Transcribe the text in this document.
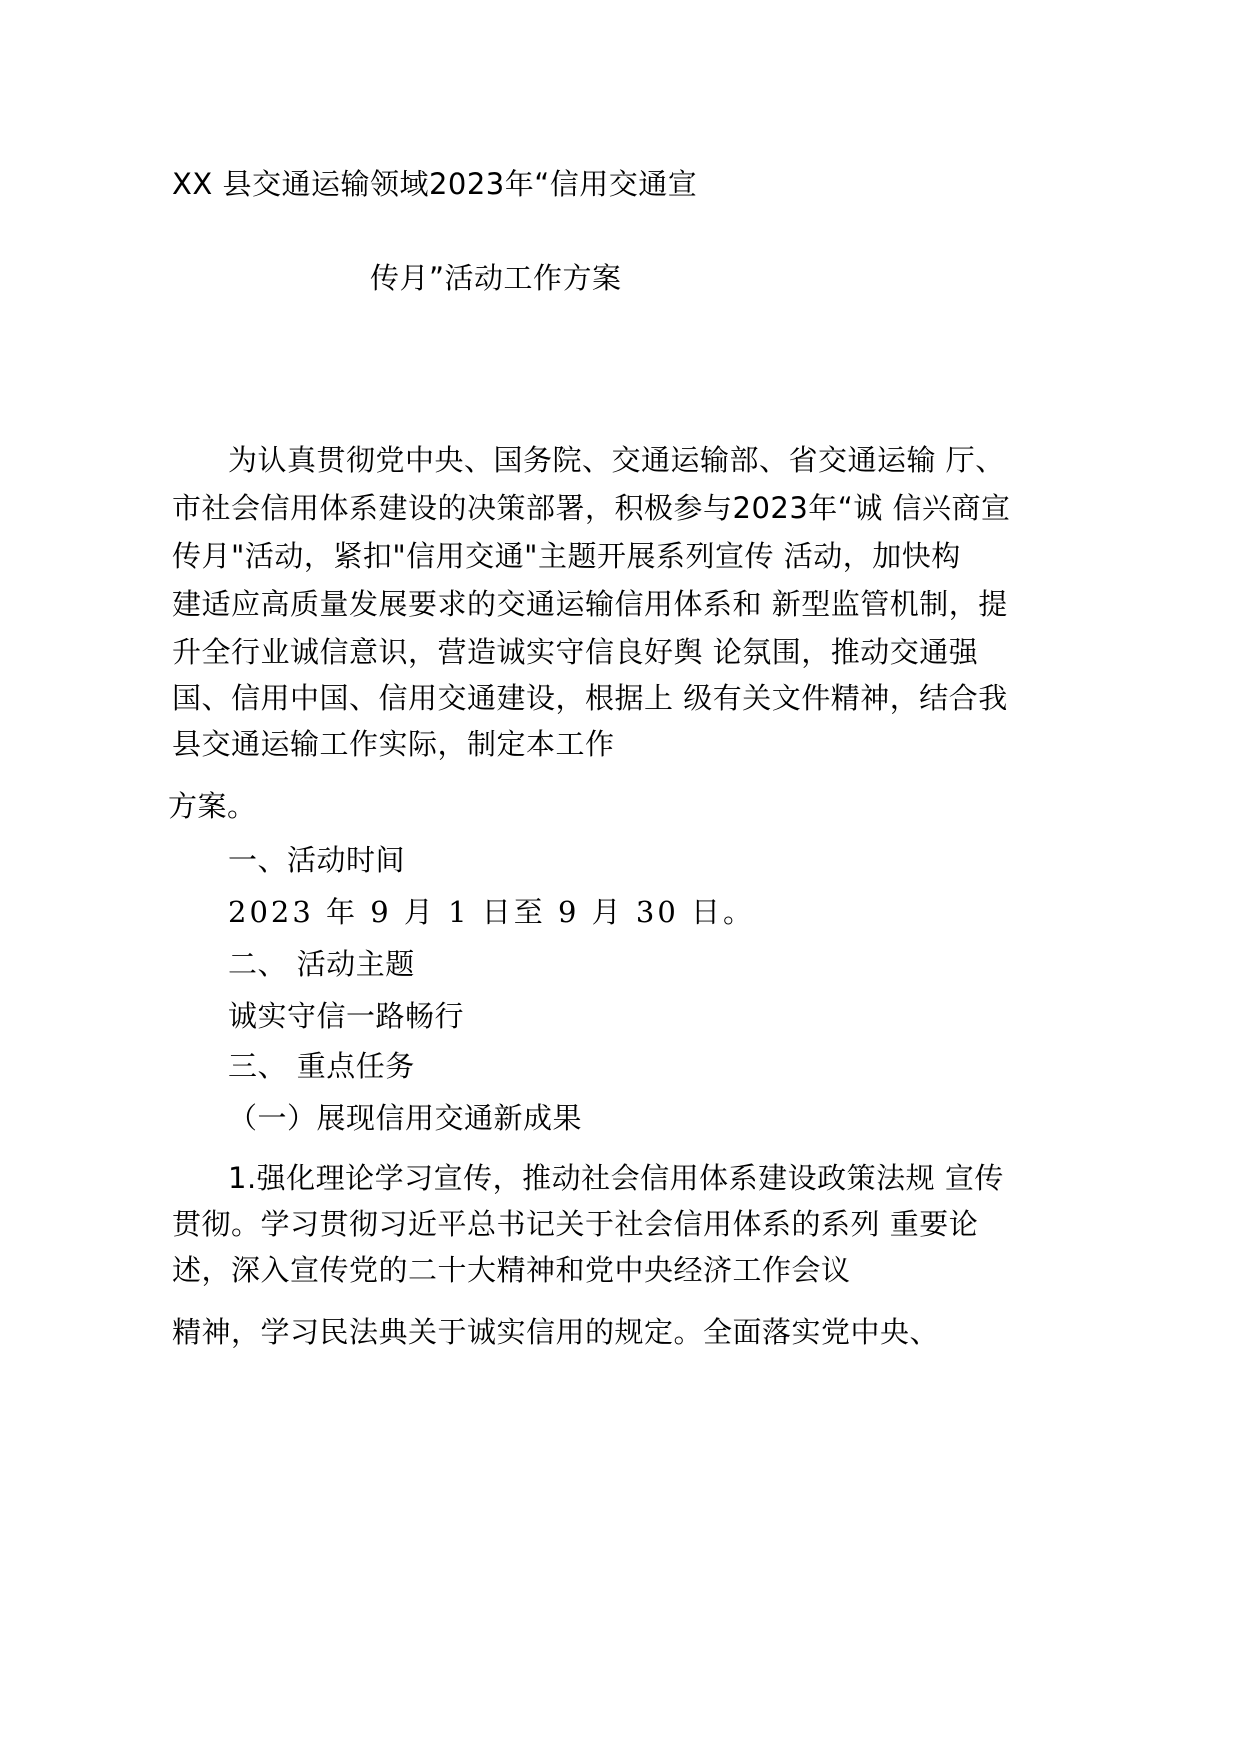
XX 县交通运输领域2023年“信用交通宣
传月”活动工作方案
为认真贯彻党中央、国务院、交通运输部、省交通运输 厅、
市社会信用体系建设的决策部署，积极参与2023年“诚 信兴商宣
传月"活动，紧扣"信用交通"主题开展系列宣传 活动，加快构
建适应高质量发展要求的交通运输信用体系和 新型监管机制，提
升全行业诚信意识，营造诚实守信良好舆 论氛围，推动交通强
国、信用中国、信用交通建设，根据上 级有关文件精神，结合我
县交通运输工作实际，制定本工作
方案。
一、活动时间
2023 年 9 月 1 日至 9 月 30 日。
二、 活动主题
诚实守信一路畅行
三、 重点任务
（一）展现信用交通新成果
1.强化理论学习宣传，推动社会信用体系建设政策法规 宣传
贯彻。学习贯彻习近平总书记关于社会信用体系的系列 重要论
述，深入宣传党的二十大精神和党中央经济工作会议
精神，学习民法典关于诚实信用的规定。全面落实党中央、
